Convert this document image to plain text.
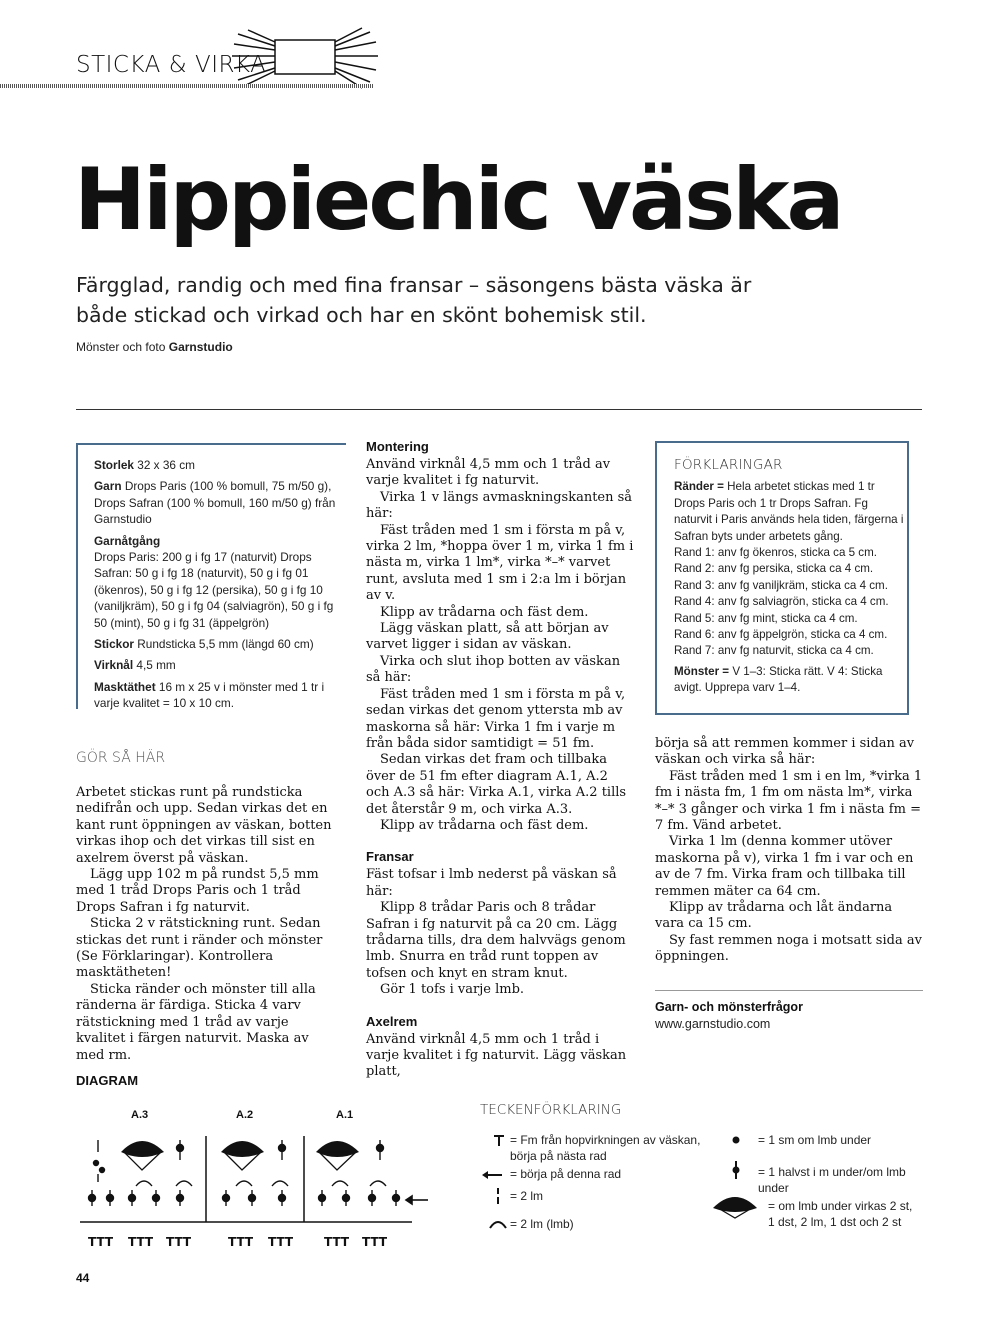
STICKA & VIRKA
Hippiechic väska

Färgglad, randig och med fina fransar – säsongens bästa väska är både stickad och virkad och har en skönt bohemisk stil.

Mönster och foto Garnstudio

Storlek 32 x 36 cm
Garn Drops Paris (100 % bomull, 75 m/50 g), Drops Safran (100 % bomull, 160 m/50 g) från Garnstudio
Garnåtgång
Drops Paris: 200 g i fg 17 (naturvit) Drops Safran: 50 g i fg 18 (naturvit), 50 g i fg 01 (ökenros), 50 g i fg 12 (persika), 50 g i fg 10 (vaniljkräm), 50 g i fg 04 (salviagrön), 50 g i fg 50 (mint), 50 g i fg 31 (äppelgrön)
Stickor Rundsticka 5,5 mm (längd 60 cm)
Virknål 4,5 mm
Masktäthet 16 m x 25 v i mönster med 1 tr i varje kvalitet = 10 x 10 cm.
GÖR SÅ HÄR

Arbetet stickas runt på rundsticka nedifrån och upp. Sedan virkas det en kant runt öppningen av väskan, botten virkas ihop och det virkas till sist en axelrem överst på väskan.

Lägg upp 102 m på rundst 5,5 mm med 1 tråd Drops Paris och 1 tråd Drops Safran i fg naturvit.

Sticka 2 v rätstickning runt. Sedan stickas det runt i ränder och mönster (Se Förklaringar). Kontrollera masktätheten!

Sticka ränder och mönster till alla ränderna är färdiga. Sticka 4 varv rätstickning med 1 tråd av varje kvalitet i färgen naturvit. Maska av med rm.

Montering

Använd virknål 4,5 mm och 1 tråd av varje kvalitet i fg naturvit.

Virka 1 v längs avmaskningskanten så här:

Fäst tråden med 1 sm i första m på v, virka 2 lm, *hoppa över 1 m, virka 1 fm i nästa m, virka 1 lm*, virka *–* varvet runt, avsluta med 1 sm i 2:a lm i början av v.

Klipp av trådarna och fäst dem.

Lägg väskan platt, så att början av varvet ligger i sidan av väskan.

Virka och slut ihop botten av väskan så här:

Fäst tråden med 1 sm i första m på v, sedan virkas det genom yttersta mb av maskorna så här: Virka 1 fm i varje m från båda sidor samtidigt = 51 fm.

Sedan virkas det fram och tillbaka över de 51 fm efter diagram A.1, A.2 och A.3 så här: Virka A.1, virka A.2 tills det återstår 9 m, och virka A.3.

Klipp av trådarna och fäst dem.

Fransar

Fäst tofsar i lmb nederst på väskan så här:

Klipp 8 trådar Paris och 8 trådar Safran i fg naturvit på ca 20 cm. Lägg trådarna tills, dra dem halvvägs genom lmb. Snurra en tråd runt toppen av tofsen och knyt en stram knut.

Gör 1 tofs i varje lmb.

Axelrem

Använd virknål 4,5 mm och 1 tråd i varje kvalitet i fg naturvit. Lägg väskan platt,

FÖRKLARINGAR
Ränder = Hela arbetet stickas med 1 tr Drops Paris och 1 tr Drops Safran. Fg naturvit i Paris används hela tiden, färgerna i Safran byts under arbetets gång.
Rand 1: anv fg ökenros, sticka ca 5 cm.
Rand 2: anv fg persika, sticka ca 4 cm.
Rand 3: anv fg vaniljkräm, sticka ca 4 cm.
Rand 4: anv fg salviagrön, sticka ca 4 cm.
Rand 5: anv fg mint, sticka ca 4 cm.
Rand 6: anv fg äppelgrön, sticka ca 4 cm.
Rand 7: anv fg naturvit, sticka ca 4 cm.
Mönster = V 1–3: Sticka rätt. V 4: Sticka avigt. Upprepa varv 1–4.

börja så att remmen kommer i sidan av väskan och virka så här:

Fäst tråden med 1 sm i en lm, *virka 1 fm i nästa fm, 1 fm om nästa lm*, virka *–* 3 gånger och virka 1 fm i nästa fm = 7 fm. Vänd arbetet.

Virka 1 lm (denna kommer utöver maskorna på v), virka 1 fm i var och en av de 7 fm. Virka fram och tillbaka till remmen mäter ca 64 cm.

Klipp av trådarna och låt ändarna vara ca 15 cm.

Sy fast remmen noga i motsatt sida av öppningen.

Garn- och mönsterfrågor
www.garnstudio.com
DIAGRAM
A.3	A.2	A.1
TTT TTT TTT	TTT TTT	TTT TTT
TECKENFÖRKLARING
= Fm från hopvirkningen av väskan, börja på nästa rad
= börja på denna rad
= 2 lm
= 2 lm (lmb)
= 1 sm om lmb under
= 1 halvst i m under/om lmb under
= om lmb under virkas 2 st, 1 dst, 2 lm, 1 dst och 2 st
44
